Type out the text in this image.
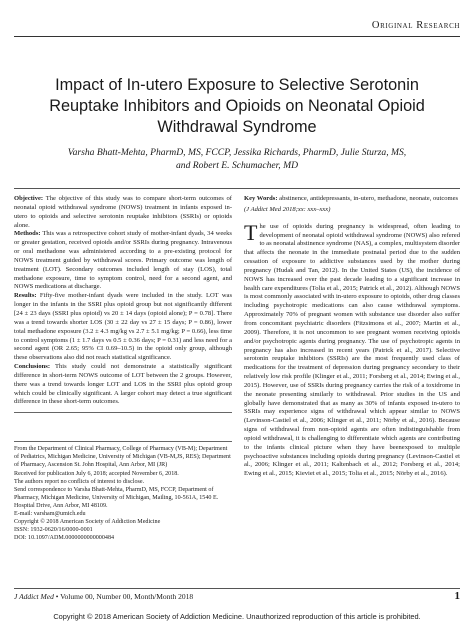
Original Research
Impact of In-utero Exposure to Selective Serotonin Reuptake Inhibitors and Opioids on Neonatal Opioid Withdrawal Syndrome
Varsha Bhatt-Mehta, PharmD, MS, FCCP, Jessika Richards, PharmD, Julie Sturza, MS,
and Robert E. Schumacher, MD

Objective: The objective of this study was to compare short-term outcomes of neonatal opioid withdrawal syndrome (NOWS) treatment in infants exposed in-utero to opioids and selective serotonin reuptake inhibitors (SSRIs) or opioids alone.

Methods: This was a retrospective cohort study of mother-infant dyads, 34 weeks or greater gestation, received opioids and/or SSRIs during pregnancy. Intravenous or oral methadone was administered according to a pre-existing protocol for NOWS treatment guided by withdrawal scores. Primary outcome was length of treatment (LOT). Secondary outcomes included length of stay (LOS), total methadone exposure, time to symptom control, need for a second agent, and NOWS medications at discharge.

Results: Fifty-five mother-infant dyads were included in the study. LOT was longer in the infants in the SSRI plus opioid group but not significantly different [24 ± 23 days (SSRI plus opioid) vs 20 ± 14 days (opioid alone); P = 0.78]. There was a trend towards shorter LOS (30 ± 22 day vs 27 ± 15 days; P = 0.86), lower total methadone exposure (3.2 ± 4.3 mg/kg vs 2.7 ± 5.1 mg/kg; P = 0.66), less time to control symptoms (1 ± 1.7 days vs 0.5 ± 0.36 days; P = 0.31) and less need for a second agent (OR 2.65; 95% CI 0.69–10.5) in the opioid only group, although these observations also did not reach statistical significance.

Conclusions: This study could not demonstrate a statistically significant difference in short-term NOWS outcome of LOT between the 2 groups. However, there was a trend towards longer LOT and LOS in the SSRI plus opioid group which could be clinically significant. A larger cohort may detect a true significant difference in these short-term outcomes.

From the Department of Clinical Pharmacy, College of Pharmacy (VB-M); Department of Pediatrics, Michigan Medicine, University of Michigan (VB-M,JS, RES); Department of Pharmacy, Ascension St. John Hospital, Ann Arbor, MI (JR)

Received for publication July 6, 2018; accepted November 6, 2018.

The authors report no conflicts of interest to disclose.

Send correspondence to Varsha Bhatt-Mehta, PharmD, MS, FCCP, Department of Pharmacy, Michigan Medicine, University of Michigan, Mailing, 10-561A, 1540 E. Hospital Drive, Ann Arbor, MI 48109.

E-mail: varsham@umich.edu

Copyright © 2018 American Society of Addiction Medicine

ISSN: 1932-0620/16/0000-0001

DOI: 10.1097/ADM.0000000000000484

Key Words: abstinence, antidepressants, in-utero, methadone, neonate, outcomes

(J Addict Med 2018;xx: xxx–xxx)

The use of opioids during pregnancy is widespread, often leading to development of neonatal opioid withdrawal syndrome (NOWS) also refered to as neonatal abstinence syndrome (NAS), a complex, multisystem disorder that affects the neonate in the immediate postnatal period due to the sudden cessation of exposure to addictive substances used by the mother during pregnancy (Hudak and Tan, 2012). In the United States (US), the incidence of NOWS has increased over the past decade leading to a significant increase in health care expenditures (Tolia et al., 2015; Patrick et al., 2012). Although NOWS is most commonly associated with in-utero exposure to opioids, other drug classes including psychotropic medications can also cause withdrawal symptoms. Approximately 70% of pregnant women with substance use disorder also suffer from concomitant psychiatric disorders (Fitzsimons et al., 2007; Martin et al., 2009). Therefore, it is not uncommon to see pregnant women receiving opioids and/or psychotropic agents during pregnancy. The use of psychotropic agents in pregnancy has also increased in recent years (Patrick et al., 2017). Selective serotonin reuptake inhibitors (SSRIs) are the most frequently used class of medications for the treatment of depression during pregnancy secondary to their relatively low risk profile (Klinger et al., 2011; Forsberg et al., 2014; Ewing et al., 2015). However, use of SSRIs during pregnancy carries the risk of a toxidrome in the neonate presenting similarly to withdrawal. Prior studies in the US and globally have demonstrated that as many as 30% of infants exposed in-utero to SSRIs may experience signs of withdrawal which appear similar to NOWS (Levinson-Castiel et al., 2006; Klinger et al., 2011; Nörby et al., 2016). Because signs of withdrawal from non-opioid agents are often indistinguishable from opioid withdrawal, it is challenging to differentiate which agents are contributing to the infants clinical picture when they have beenexposed to multiple psychoactive substances including opioids during pregnancy (Levinson-Castiel et al., 2006; Klinger et al., 2011; Kaltenbach et al., 2012; Forsberg et al., 2014; Ewing et al., 2015; Kieviet et al., 2015; Tolia et al., 2015; Nörby et al., 2016).

J Addict Med • Volume 00, Number 00, Month/Month 2018	1
Copyright © 2018 American Society of Addiction Medicine. Unauthorized reproduction of this article is prohibited.
